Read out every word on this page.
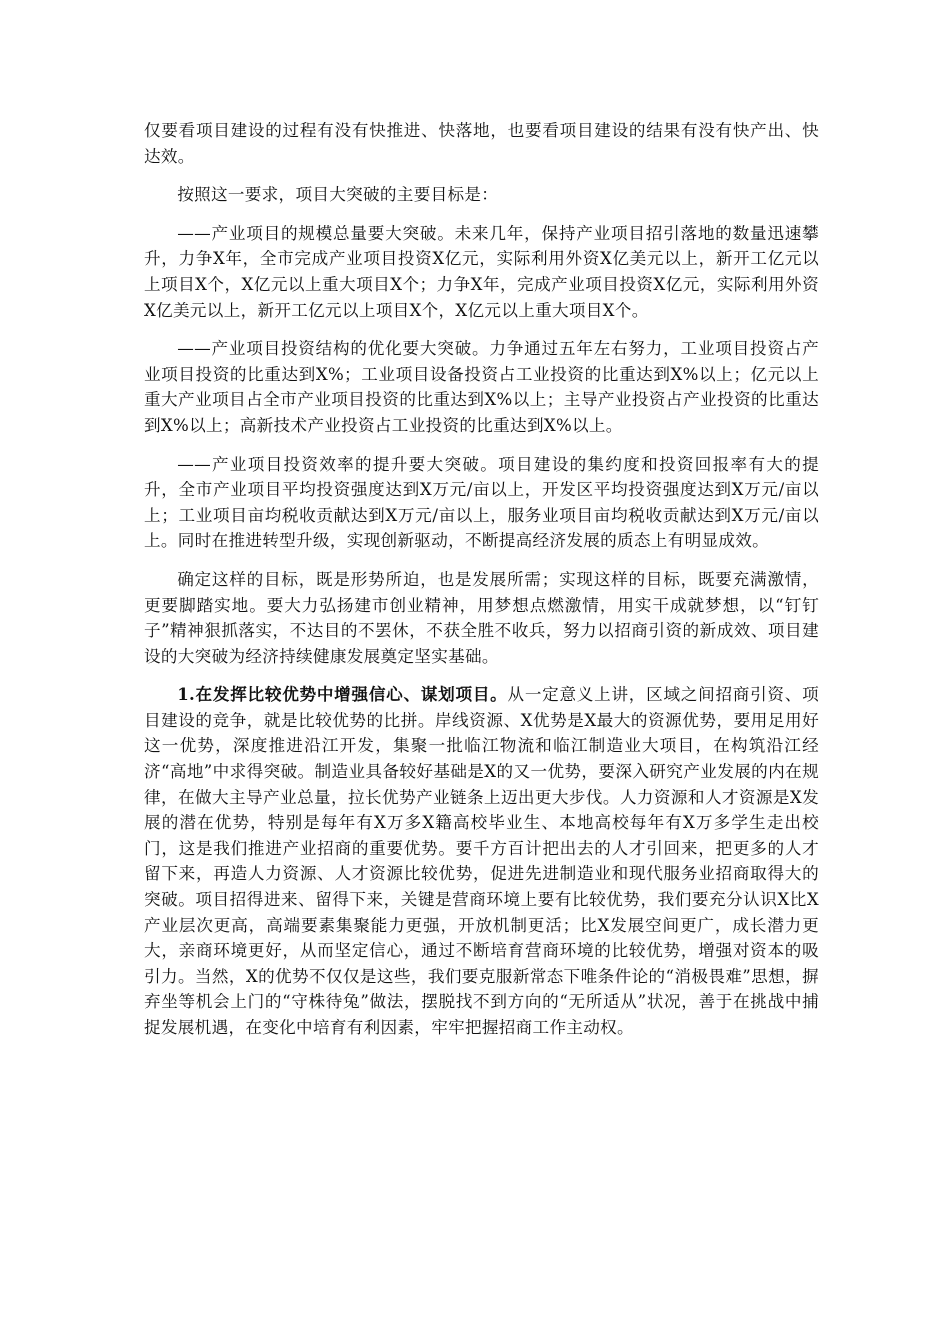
仅要看项目建设的过程有没有快推进、快落地，也要看项目建设的结果有没有快产出、快达效。

按照这一要求，项目大突破的主要目标是：

——产业项目的规模总量要大突破。未来几年，保持产业项目招引落地的数量迅速攀升，力争X年，全市完成产业项目投资X亿元，实际利用外资X亿美元以上，新开工亿元以上项目X个，X亿元以上重大项目X个；力争X年，完成产业项目投资X亿元，实际利用外资X亿美元以上，新开工亿元以上项目X个，X亿元以上重大项目X个。

——产业项目投资结构的优化要大突破。力争通过五年左右努力，工业项目投资占产业项目投资的比重达到X%；工业项目设备投资占工业投资的比重达到X%以上；亿元以上重大产业项目占全市产业项目投资的比重达到X%以上；主导产业投资占产业投资的比重达到X%以上；高新技术产业投资占工业投资的比重达到X%以上。

——产业项目投资效率的提升要大突破。项目建设的集约度和投资回报率有大的提升，全市产业项目平均投资强度达到X万元/亩以上，开发区平均投资强度达到X万元/亩以上；工业项目亩均税收贡献达到X万元/亩以上，服务业项目亩均税收贡献达到X万元/亩以上。同时在推进转型升级，实现创新驱动，不断提高经济发展的质态上有明显成效。

确定这样的目标，既是形势所迫，也是发展所需；实现这样的目标，既要充满激情，更要脚踏实地。要大力弘扬建市创业精神，用梦想点燃激情，用实干成就梦想，以“钉钉子”精神狠抓落实，不达目的不罢休，不获全胜不收兵，努力以招商引资的新成效、项目建设的大突破为经济持续健康发展奠定坚实基础。

1.在发挥比较优势中增强信心、谋划项目。从一定意义上讲，区域之间招商引资、项目建设的竞争，就是比较优势的比拼。岸线资源、X优势是X最大的资源优势，要用足用好这一优势，深度推进沿江开发，集聚一批临江物流和临江制造业大项目，在构筑沿江经济“高地”中求得突破。制造业具备较好基础是X的又一优势，要深入研究产业发展的内在规律，在做大主导产业总量，拉长优势产业链条上迈出更大步伐。人力资源和人才资源是X发展的潜在优势，特别是每年有X万多X籍高校毕业生、本地高校每年有X万多学生走出校门，这是我们推进产业招商的重要优势。要千方百计把出去的人才引回来，把更多的人才留下来，再造人力资源、人才资源比较优势，促进先进制造业和现代服务业招商取得大的突破。项目招得进来、留得下来，关键是营商环境上要有比较优势，我们要充分认识X比X产业层次更高，高端要素集聚能力更强，开放机制更活；比X发展空间更广，成长潜力更大，亲商环境更好，从而坚定信心，通过不断培育营商环境的比较优势，增强对资本的吸引力。当然，X的优势不仅仅是这些，我们要克服新常态下唯条件论的“消极畏难”思想，摒弃坐等机会上门的“守株待兔”做法，摆脱找不到方向的“无所适从”状况，善于在挑战中捕捉发展机遇，在变化中培育有利因素，牢牢把握招商工作主动权。
